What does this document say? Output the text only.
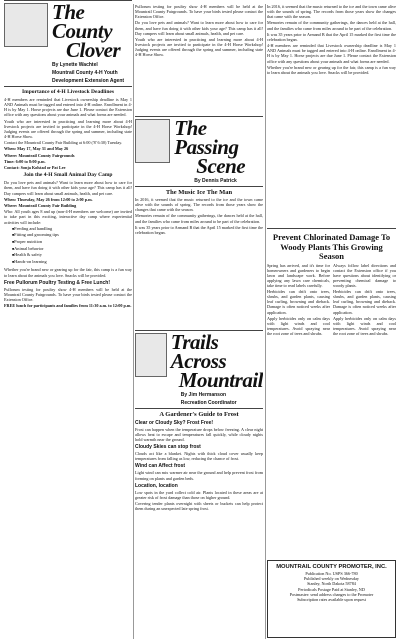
The County
Clover
By Lynette Wachtel
Mountrail County 4-H Youth
Development Extension Agent
Importance of 4-H Livestock Deadlines

4-H members are reminded that Livestock ownership deadline is May 1 AND Animals must be tagged and entered into 4-H online. Enrollment in 4-H is by May 1. Horse projects are due June 1. Please contact the Extension office with any questions about your animals and what forms are needed.

Youth who are interested in practicing and learning more about 4-H livestock projects are invited to participate in the 4-H Horse Workshop! Judging events are offered through the spring and summer, including state 4-H Horse Show.

Contact the Mountrail County Fair Building at 6:00 ('8' 6:30) Tuesday.

When: May 17, May 31 and May 26

Where: Mountrail County Fairgrounds

Time: 6:00 to 8:00 p.m.

Contact: Sonja Kolstad or Pat Lee

Join the 4-H Small Animal Day Camp

Do you love pets and animals? Want to learn more about how to care for them, and have fun doing it with other kids your age? This camp has it all! Day campers will learn about small animals, health, and pet care.

When: Thursday, May 26 from 12:00 to 2:00 p.m.

Where: Mountrail County Fair Building

Who: All youth ages 8 and up (non-4-H members are welcome) are invited to take part in this exciting, interactive day camp where experiential activities will include:

■ Feeding and handling
■ Fitting and grooming tips
■ Proper nutrition
■ Animal behavior
■ Health & safety
■ Hands-on learning

Whether you're brand new or gearing up for the fair, this camp is a fun way to learn about the animals you love. Snacks will be provided.

Free Pullorum Poultry Testing & Free Lunch!

Pullorum testing for poultry show 4-H members will be held at the Mountrail County Fairgrounds. To have your birds tested please contact the Extension Office.

FREE lunch for participants and families from 11:30 a.m. to 12:00 p.m.

Pullorum testing for poultry show 4-H members will be held at the Mountrail County Fairgrounds. To have your birds tested please contact the Extension Office.

Do you love pets and animals? Want to learn more about how to care for them, and have fun doing it with other kids your age? This camp has it all! Day campers will learn about small animals, health, and pet care.

Youth who are interested in practicing and learning more about 4-H livestock projects are invited to participate in the 4-H Horse Workshop! Judging events are offered through the spring and summer, including state 4-H Horse Show.

The Passing
Scene
By Dennis Patrick
The Music Ice The Man

In 2016, it seemed that the music returned to the ice and the town came alive with the sounds of spring. The records from those years show the changes that came with the season.

Memories remain of the community gatherings, the dances held at the hall, and the families who came from miles around to be part of the celebration.

It was 35 years prior to Armand B that the April 15 marked the first time the celebration began.

Trails Across
Mountrail
By Jim Hermanson
Recreation Coordinator
A Gardener's Guide to Frost
Clear or Cloudy Sky? Frost Free!

Frost can happen when the temperature drops below freezing. A clear night allows heat to escape and temperatures fall quickly, while cloudy nights hold warmth near the ground.

Cloudy Skies can stop frost

Clouds act like a blanket. Nights with thick cloud cover usually keep temperatures from falling as low, reducing the chance of frost.

Wind can Affect frost

Light wind can mix warmer air near the ground and help prevent frost from forming on plants and garden beds.

Location, location

Low spots in the yard collect cold air. Plants located in these areas are at greater risk of frost damage than those on higher ground.

Covering tender plants overnight with sheets or buckets can help protect them during an unexpected late spring frost.

In 2016, it seemed that the music returned to the ice and the town came alive with the sounds of spring. The records from those years show the changes that came with the season.

Memories remain of the community gatherings, the dances held at the hall, and the families who came from miles around to be part of the celebration.

It was 35 years prior to Armand B that the April 15 marked the first time the celebration began.

4-H members are reminded that Livestock ownership deadline is May 1 AND Animals must be tagged and entered into 4-H online. Enrollment in 4-H is by May 1. Horse projects are due June 1. Please contact the Extension office with any questions about your animals and what forms are needed.

Whether you're brand new or gearing up for the fair, this camp is a fun way to learn about the animals you love. Snacks will be provided.

Prevent Chlorinated Damage To Woody Plants This Growing Season

Spring has arrived, and it's time for homeowners and gardeners to begin lawn and landscape work. Before applying any lawn care chemicals, take time to read labels carefully.

Herbicides can drift onto trees, shrubs, and garden plants, causing leaf curling, browning and dieback. Damage is often noticed weeks after application.

Apply herbicides only on calm days with light winds and cool temperatures. Avoid spraying near the root zone of trees and shrubs.

Always follow label directions and contact the Extension office if you have questions about identifying or preventing chemical damage to woody plants.

Herbicides can drift onto trees, shrubs, and garden plants, causing leaf curling, browning and dieback. Damage is often noticed weeks after application.

Apply herbicides only on calm days with light winds and cool temperatures. Avoid spraying near the root zone of trees and shrubs.

MOUNTRAIL COUNTY PROMOTER, INC.
Publication No. USPS 366-780
Published weekly on Wednesday
Stanley, North Dakota 58784
Periodicals Postage Paid at Stanley, ND
Postmaster: send address changes to the Promoter
Subscription rates available upon request
